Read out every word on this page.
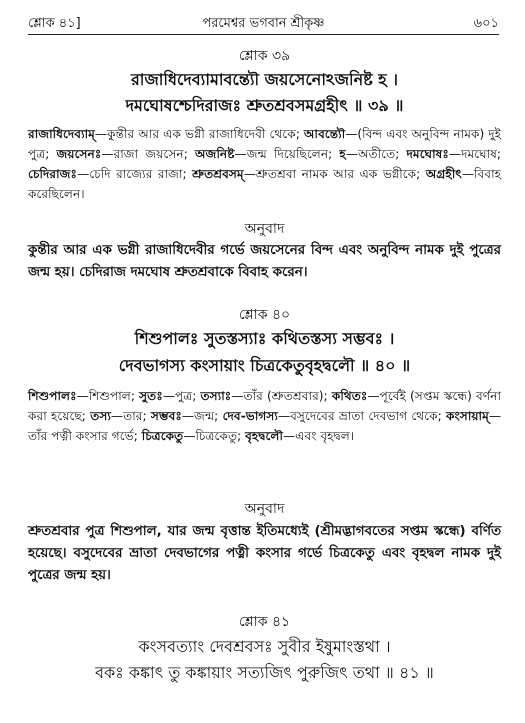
শ্লোক ৪১]	পরমেশ্বর ভগবান শ্রীকৃষ্ণ	৬০১
শ্লোক ৩৯
রাজাধিদেব্যামাবন্ত্যৌ জয়সেনোঽজনিষ্ট হ ।
দমঘোষশ্চেদিরাজঃ শ্রুতশ্রবসমগ্রহীৎ ॥ ৩৯ ॥
রাজাধিদেব্যাম্—কুন্তীর আর এক ভগ্নী রাজাধিদেবী থেকে; আবন্ত্যৌ—(বিন্দ এবং অনুবিন্দ নামক) দুই পুত্র; জয়সেনঃ—রাজা জয়সেন; অজনিষ্ট—জন্ম দিয়েছিলেন; হ—অতীতে; দমঘোষঃ—দমঘোষ; চেদিরাজঃ—চেদি রাজ্যের রাজা; শ্রুতশ্রবসম্—শ্রুতশ্রবা নামক আর এক ভগ্নীকে; অগ্রহীৎ—বিবাহ করেছিলেন।
অনুবাদ
কুন্তীর আর এক ভগ্নী রাজাধিদেবীর গর্ভে জয়সেনের বিন্দ এবং অনুবিন্দ নামক দুই পুত্রের জন্ম হয়। চেদিরাজ দমঘোষ শ্রুতশ্রবাকে বিবাহ করেন।
শ্লোক ৪০
শিশুপালঃ সুতস্তস্যাঃ কথিতস্তস্য সম্ভবঃ ।
দেবভাগস্য কংসায়াং চিত্রকেতুবৃহদ্বলৌ ॥ ৪০ ॥
শিশুপালঃ—শিশুপাল; সুতঃ—পুত্র; তস্যাঃ—তাঁর (শ্রুতশ্রবার); কথিতঃ—পূর্বেই (সপ্তম স্কন্ধে) বর্ণনা করা হয়েছে; তস্য—তার; সম্ভবঃ—জন্ম; দেব-ভাগস্য—বসুদেবের ভ্রাতা দেবভাগ থেকে; কংসায়াম্—তাঁর পত্নী কংসার গর্ভে; চিত্রকেতু—চিত্রকেতু; বৃহদ্বলৌ—এবং বৃহদ্বল।
অনুবাদ
শ্রুতশ্রবার পুত্র শিশুপাল, যার জন্ম বৃত্তান্ত ইতিমধ্যেই (শ্রীমদ্ভাগবতের সপ্তম স্কন্ধে) বর্ণিত হয়েছে। বসুদেবের ভ্রাতা দেবভাগের পত্নী কংসার গর্ভে চিত্রকেতু এবং বৃহদ্বল নামক দুই পুত্রের জন্ম হয়।
শ্লোক ৪১
কংসবত্যাং দেবশ্রবসঃ সুবীর ইষুমাংস্তথা ।
বকঃ কঙ্কাৎ তু কঙ্কায়াং সত্যজিৎ পুরুজিৎ তথা ॥ ৪১ ॥
